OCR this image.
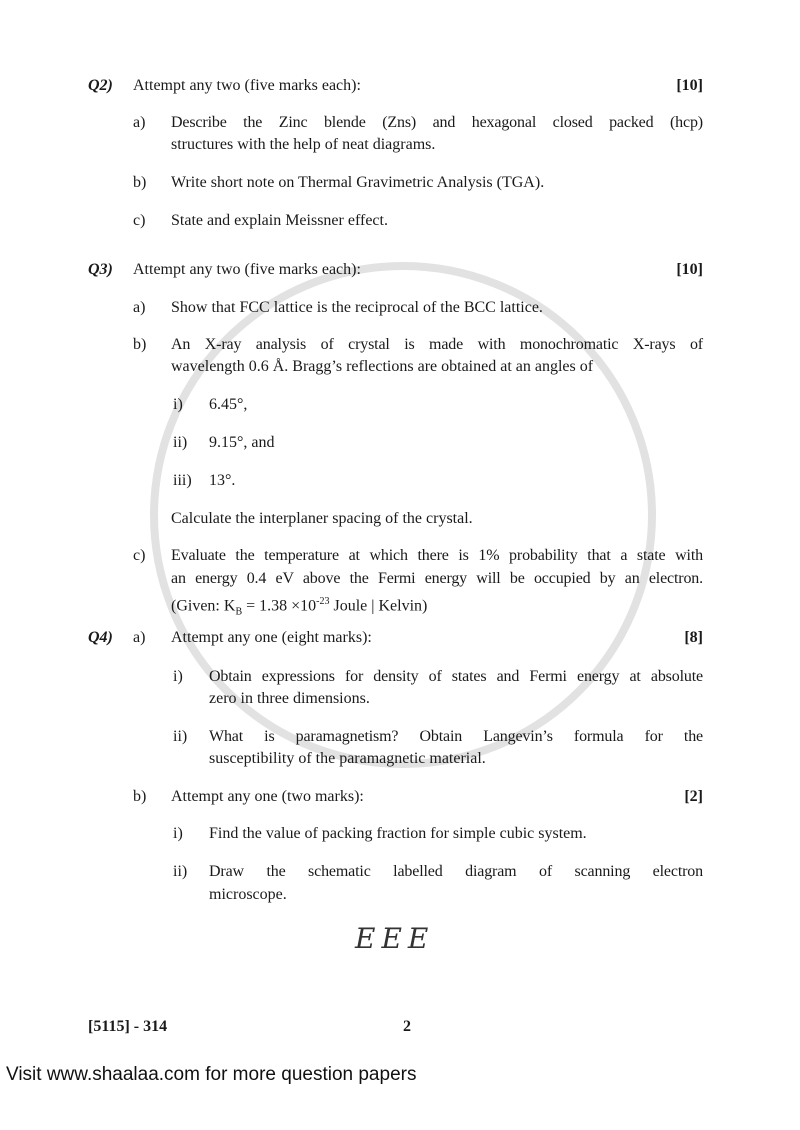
Q2) Attempt any two (five marks each):	[10]
a) Describe the Zinc blende (Zns) and hexagonal closed packed (hcp)
structures with the help of neat diagrams.
b) Write short note on Thermal Gravimetric Analysis (TGA).
c) State and explain Meissner effect.
Q3) Attempt any two (five marks each):	[10]
a) Show that FCC lattice is the reciprocal of the BCC lattice.
b) An X-ray analysis of crystal is made with monochromatic X-rays of
wavelength 0.6 Å. Bragg’s reflections are obtained at an angles of
i) 6.45°,
ii) 9.15°, and
iii) 13°.
Calculate the interplaner spacing of the crystal.
c) Evaluate the temperature at which there is 1% probability that a state with
an energy 0.4 eV above the Fermi energy will be occupied by an electron.
(Given: $K_B = 1.38 \times 10^{-23}$ Joule | Kelvin)
Q4) a) Attempt any one (eight marks):	[8]
i) Obtain expressions for density of states and Fermi energy at absolute
zero in three dimensions.
ii) What is paramagnetism? Obtain Langevin’s formula for the
susceptibility of the paramagnetic material.
b) Attempt any one (two marks):	[2]
i) Find the value of packing fraction for simple cubic system.
ii) Draw the schematic labelled diagram of scanning electron
microscope.
EEE
[5115] - 314	2
Visit www.shaalaa.com for more question papers
